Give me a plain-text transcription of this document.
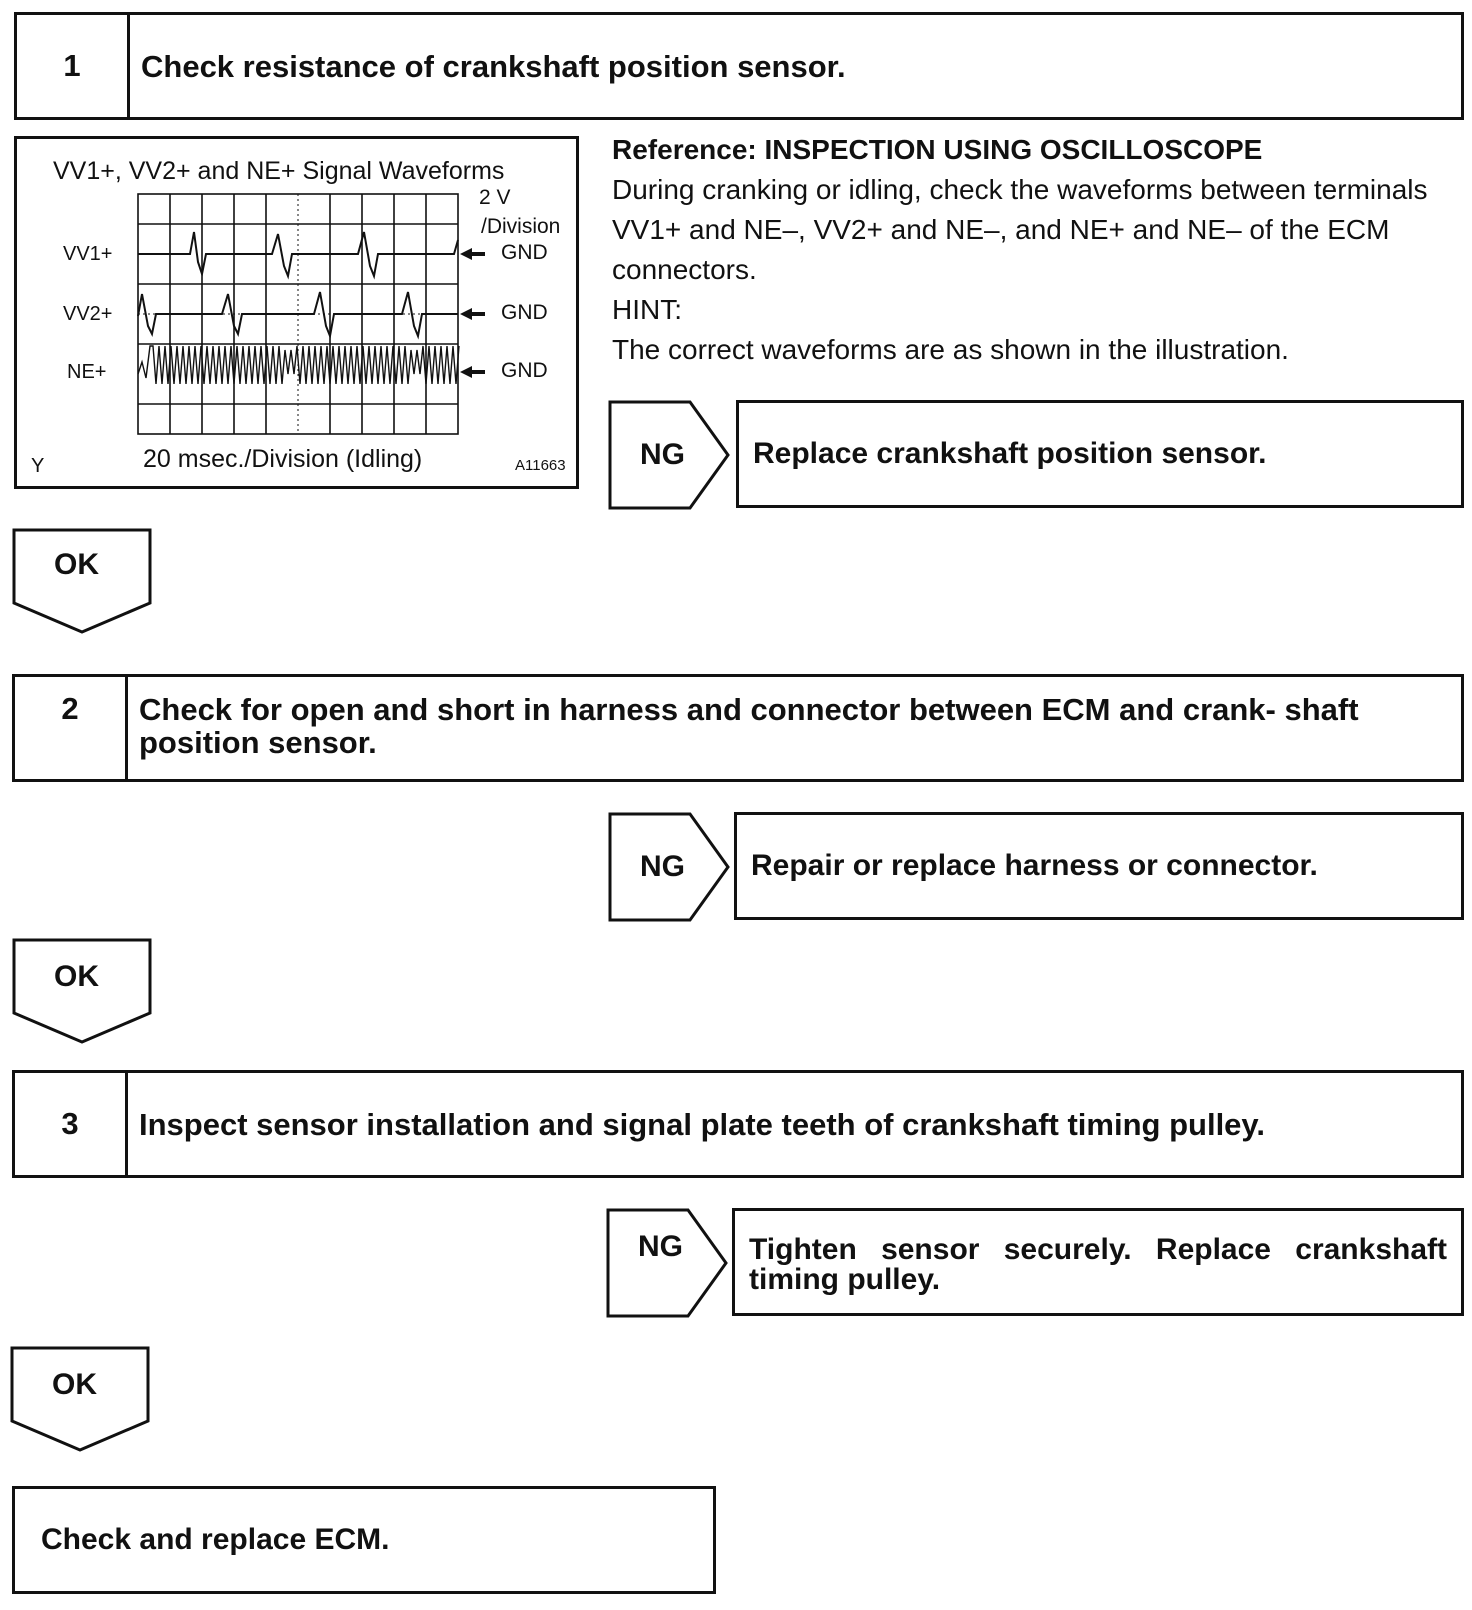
1	Check resistance of crankshaft position sensor.
VV1+, VV2+ and NE+ Signal Waveforms
2 V
/Division
VV1+
VV2+
NE+
GND
GND
GND
Y	20 msec./Division (Idling)	A11663
Reference: INSPECTION USING OSCILLOSCOPE
During cranking or idling, check the waveforms between terminals VV1+ and NE–, VV2+ and NE–, and NE+ and NE– of the ECM connectors.
HINT:
The correct waveforms are as shown in the illustration.
NG	Replace crankshaft position sensor.
OK
2	Check for open and short in harness and connector between ECM and crank- shaft position sensor.
NG	Repair or replace harness or connector.
OK
3	Inspect sensor installation and signal plate teeth of crankshaft timing pulley.
NG	Tighten sensor securely. Replace crankshaft timing pulley.
OK
Check and replace ECM.
